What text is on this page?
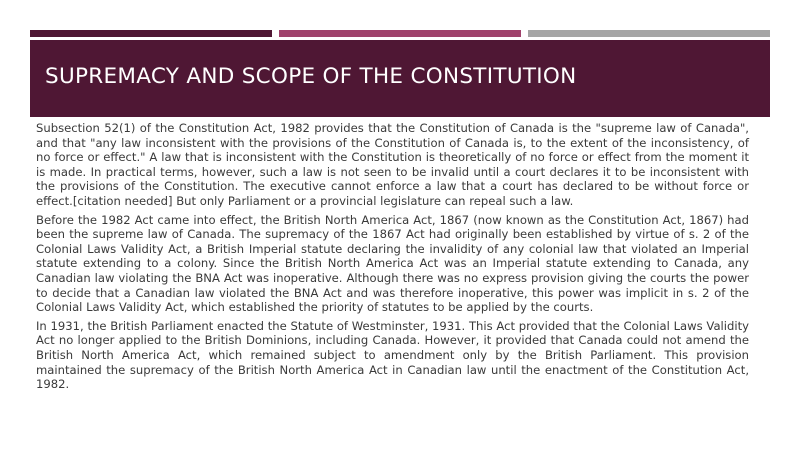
SUPREMACY AND SCOPE OF THE CONSTITUTION

Subsection 52(1) of the Constitution Act, 1982 provides that the Constitution of Canada is the "supreme law of Canada", and that "any law inconsistent with the provisions of the Constitution of Canada is, to the extent of the inconsistency, of no force or effect." A law that is inconsistent with the Constitution is theoretically of no force or effect from the moment it is made. In practical terms, however, such a law is not seen to be invalid until a court declares it to be inconsistent with the provisions of the Constitution. The executive cannot enforce a law that a court has declared to be without force or effect.[citation needed] But only Parliament or a provincial legislature can repeal such a law.

Before the 1982 Act came into effect, the British North America Act, 1867 (now known as the Constitution Act, 1867) had been the supreme law of Canada. The supremacy of the 1867 Act had originally been established by virtue of s. 2 of the Colonial Laws Validity Act, a British Imperial statute declaring the invalidity of any colonial law that violated an Imperial statute extending to a colony. Since the British North America Act was an Imperial statute extending to Canada, any Canadian law violating the BNA Act was inoperative. Although there was no express provision giving the courts the power to decide that a Canadian law violated the BNA Act and was therefore inoperative, this power was implicit in s. 2 of the Colonial Laws Validity Act, which established the priority of statutes to be applied by the courts.

In 1931, the British Parliament enacted the Statute of Westminster, 1931. This Act provided that the Colonial Laws Validity Act no longer applied to the British Dominions, including Canada. However, it provided that Canada could not amend the British North America Act, which remained subject to amendment only by the British Parliament. This provision maintained the supremacy of the British North America Act in Canadian law until the enactment of the Constitution Act, 1982.
